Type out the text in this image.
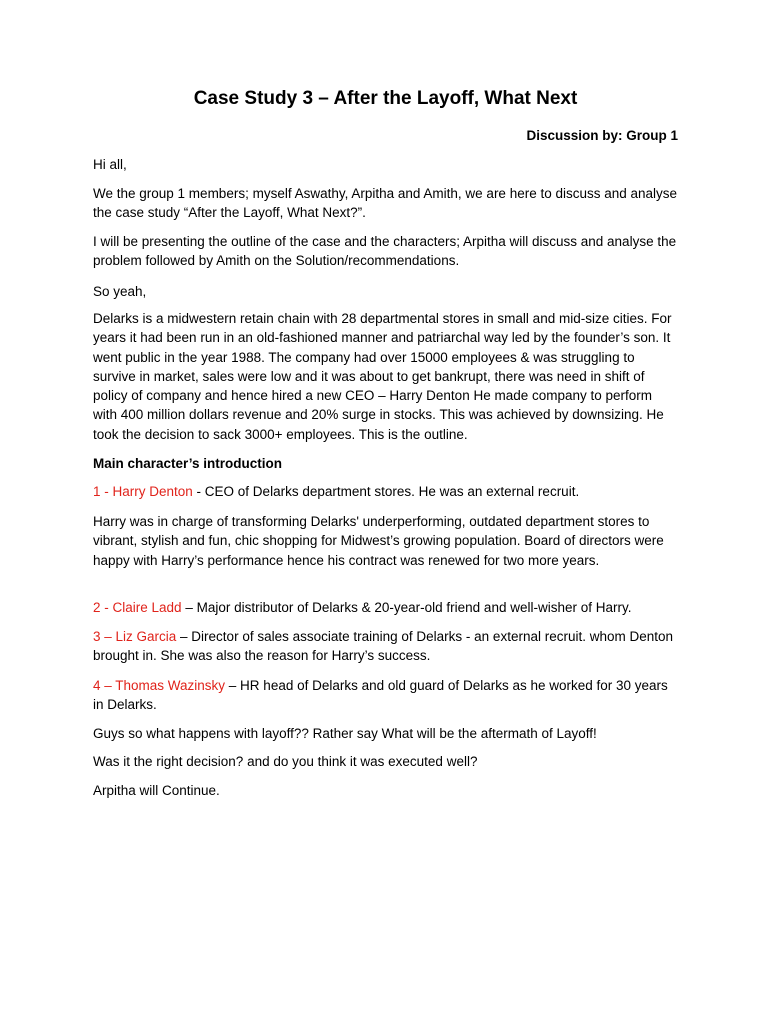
Case Study 3 – After the Layoff, What Next
Discussion by: Group 1

Hi all,

We the group 1 members; myself Aswathy, Arpitha and Amith, we are here to discuss and analyse the case study “After the Layoff, What Next?”.

I will be presenting the outline of the case and the characters; Arpitha will discuss and analyse the problem followed by Amith on the Solution/recommendations.

So yeah,

Delarks is a midwestern retain chain with 28 departmental stores in small and mid-size cities. For years it had been run in an old-fashioned manner and patriarchal way led by the founder’s son. It went public in the year 1988. The company had over 15000 employees & was struggling to survive in market, sales were low and it was about to get bankrupt, there was need in shift of policy of company and hence hired a new CEO – Harry Denton He made company to perform with 400 million dollars revenue and 20% surge in stocks. This was achieved by downsizing. He took the decision to sack 3000+ employees. This is the outline.

Main character’s introduction

1 - Harry Denton - CEO of Delarks department stores. He was an external recruit.

Harry was in charge of transforming Delarks' underperforming, outdated department stores to vibrant, stylish and fun, chic shopping for Midwest’s growing population. Board of directors were happy with Harry’s performance hence his contract was renewed for two more years.

2 - Claire Ladd – Major distributor of Delarks & 20-year-old friend and well-wisher of Harry.

3 – Liz Garcia – Director of sales associate training of Delarks - an external recruit. whom Denton brought in. She was also the reason for Harry’s success.

4 – Thomas Wazinsky – HR head of Delarks and old guard of Delarks as he worked for 30 years in Delarks.

Guys so what happens with layoff?? Rather say What will be the aftermath of Layoff!

Was it the right decision? and do you think it was executed well?

Arpitha will Continue.
